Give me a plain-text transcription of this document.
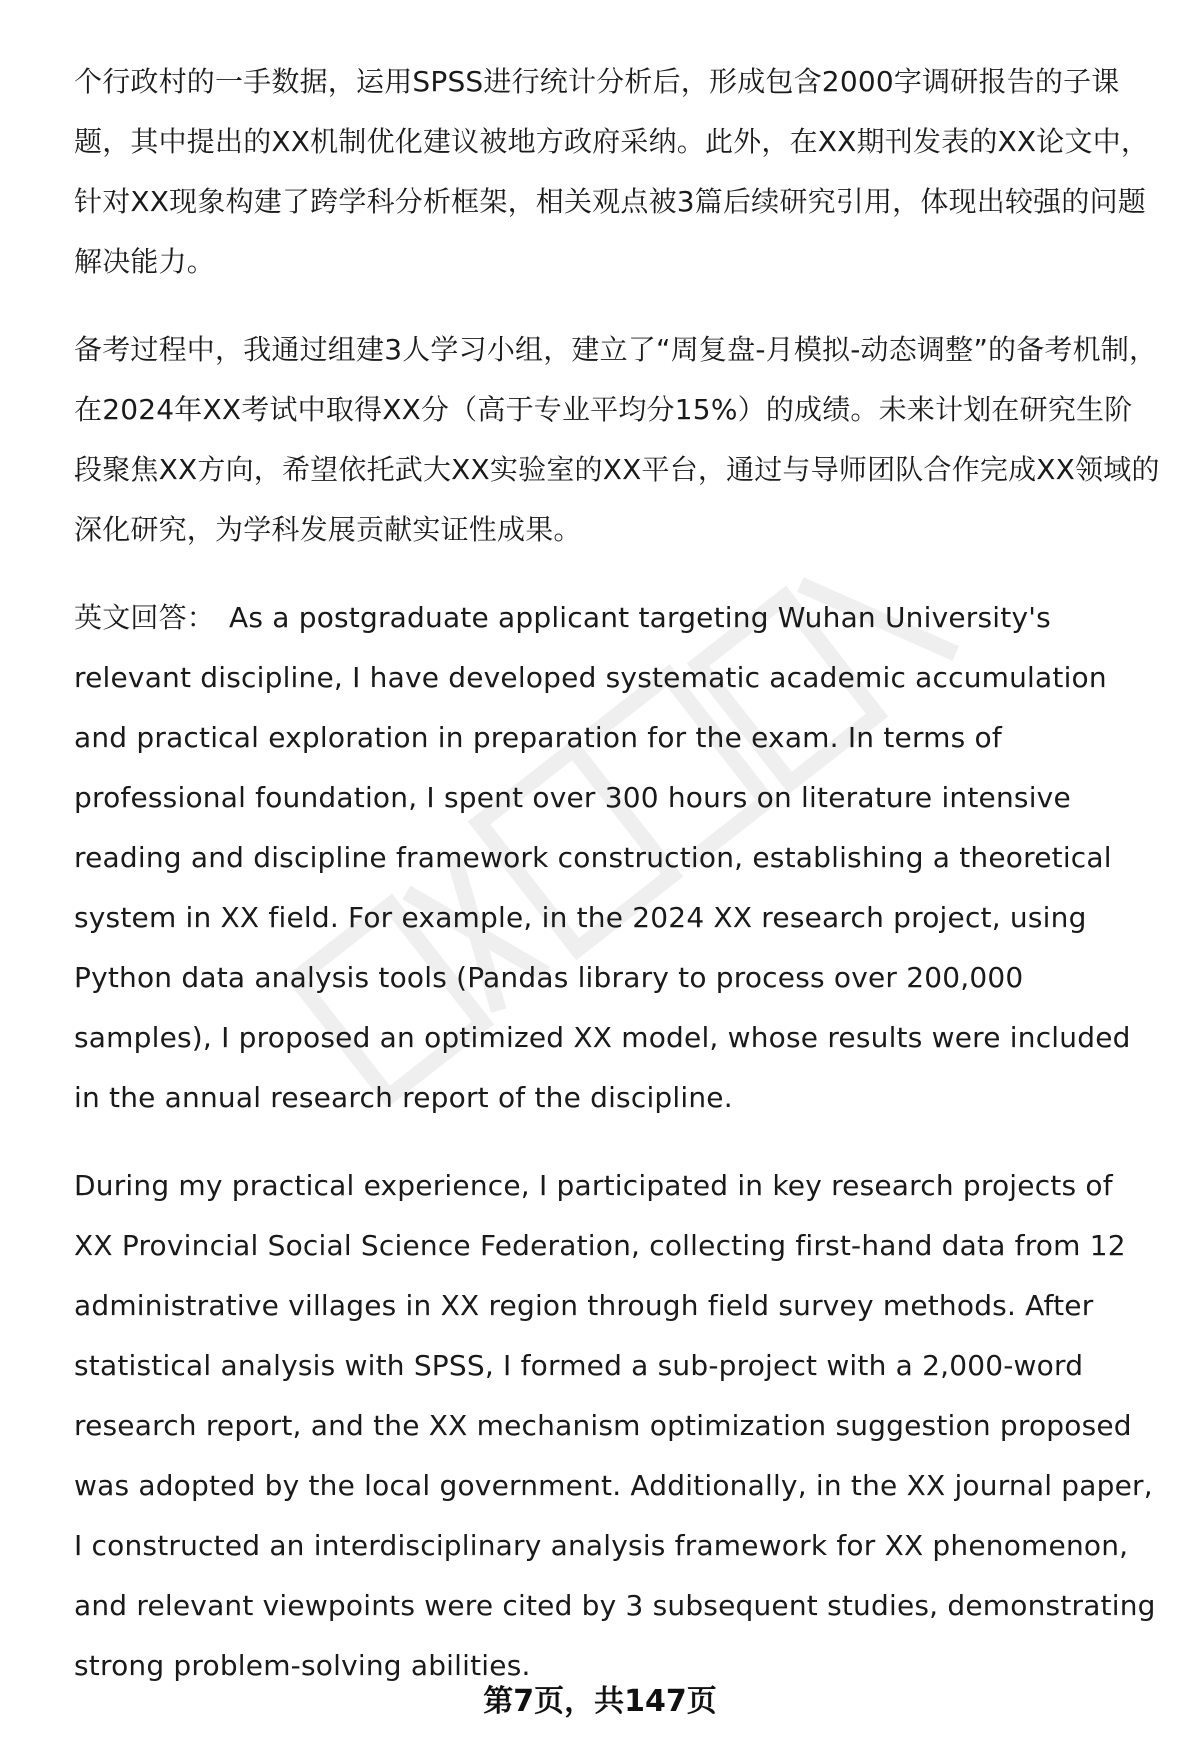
个行政村的一手数据，运用SPSS进行统计分析后，形成包含2000字调研报告的子课题，其中提出的XX机制优化建议被地方政府采纳。此外，在XX期刊发表的XX论文中，针对XX现象构建了跨学科分析框架，相关观点被3篇后续研究引用，体现出较强的问题解决能力。

备考过程中，我通过组建3人学习小组，建立了“周复盘-月模拟-动态调整”的备考机制，在2024年XX考试中取得XX分（高于专业平均分15%）的成绩。未来计划在研究生阶段聚焦XX方向，希望依托武大XX实验室的XX平台，通过与导师团队合作完成XX领域的深化研究，为学科发展贡献实证性成果。

英文回答： As a postgraduate applicant targeting Wuhan University's relevant discipline, I have developed systematic academic accumulation and practical exploration in preparation for the exam. In terms of professional foundation, I spent over 300 hours on literature intensive reading and discipline framework construction, establishing a theoretical system in XX field. For example, in the 2024 XX research project, using Python data analysis tools (Pandas library to process over 200,000 samples), I proposed an optimized XX model, whose results were included in the annual research report of the discipline.

During my practical experience, I participated in key research projects of XX Provincial Social Science Federation, collecting first-hand data from 12 administrative villages in XX region through field survey methods. After statistical analysis with SPSS, I formed a sub-project with a 2,000-word research report, and the XX mechanism optimization suggestion proposed was adopted by the local government. Additionally, in the XX journal paper, I constructed an interdisciplinary analysis framework for XX phenomenon, and relevant viewpoints were cited by 3 subsequent studies, demonstrating strong problem-solving abilities.

第7页，共147页
